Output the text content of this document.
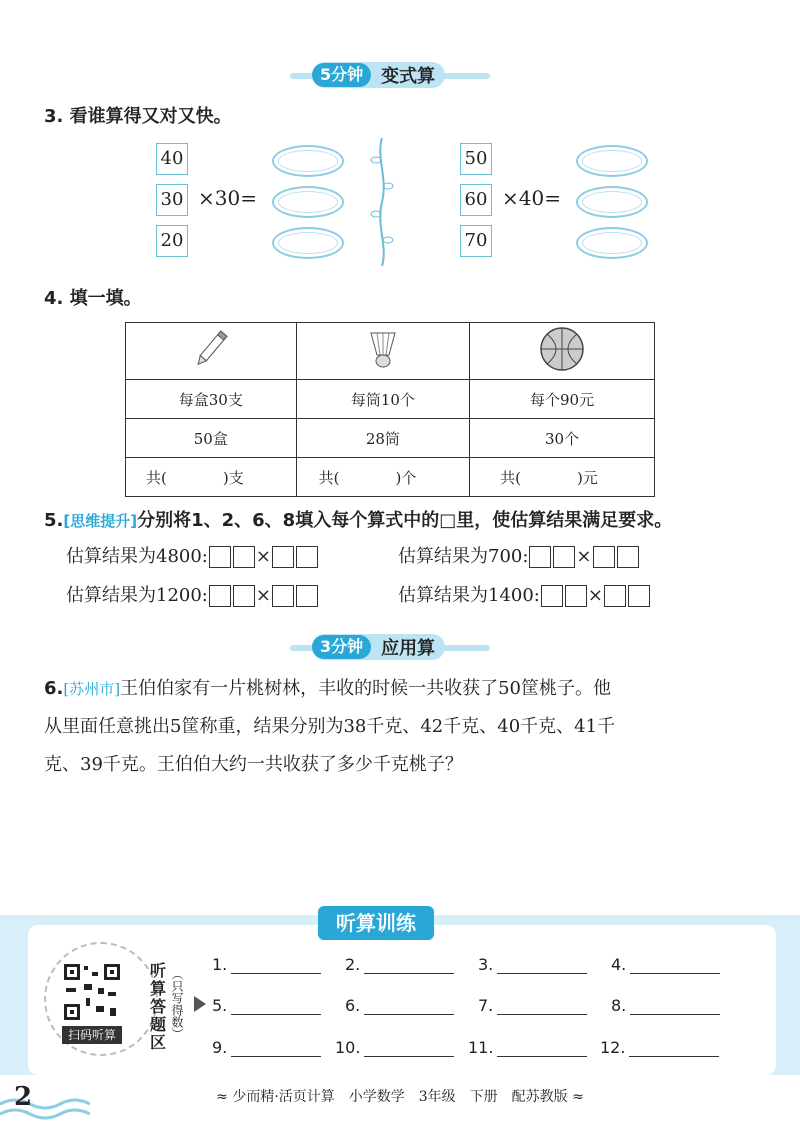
5分钟	变式算
3. 看谁算得又对又快。
40
30
20
×30=
50
60
70
×40=
4. 填一填。

每盒30支	每筒10个	每个90元
50盒	28筒	30个
共( )支	共( )个	共( )元
5.[思维提升]分别将1、2、6、8填入每个算式中的□里，使估算结果满足要求。
估算结果为4800:	×	估算结果为700:	×
估算结果为1200:	×	估算结果为1400:	×
3分钟	应用算
6.[苏州市]王伯伯家有一片桃树林，丰收的时候一共收获了50筐桃子。他
从里面任意挑出5筐称重，结果分别为38千克、42千克、40千克、41千
克、39千克。王伯伯大约一共收获了多少千克桃子？
听算训练
扫码听算
听算答题区
（只写得数）
1.	2.	3.	4.
5.	6.	7.	8.
9.	10.	11.	12.
2	≈ 少而精·活页计算　小学数学　3年级　下册　配苏教版 ≈
